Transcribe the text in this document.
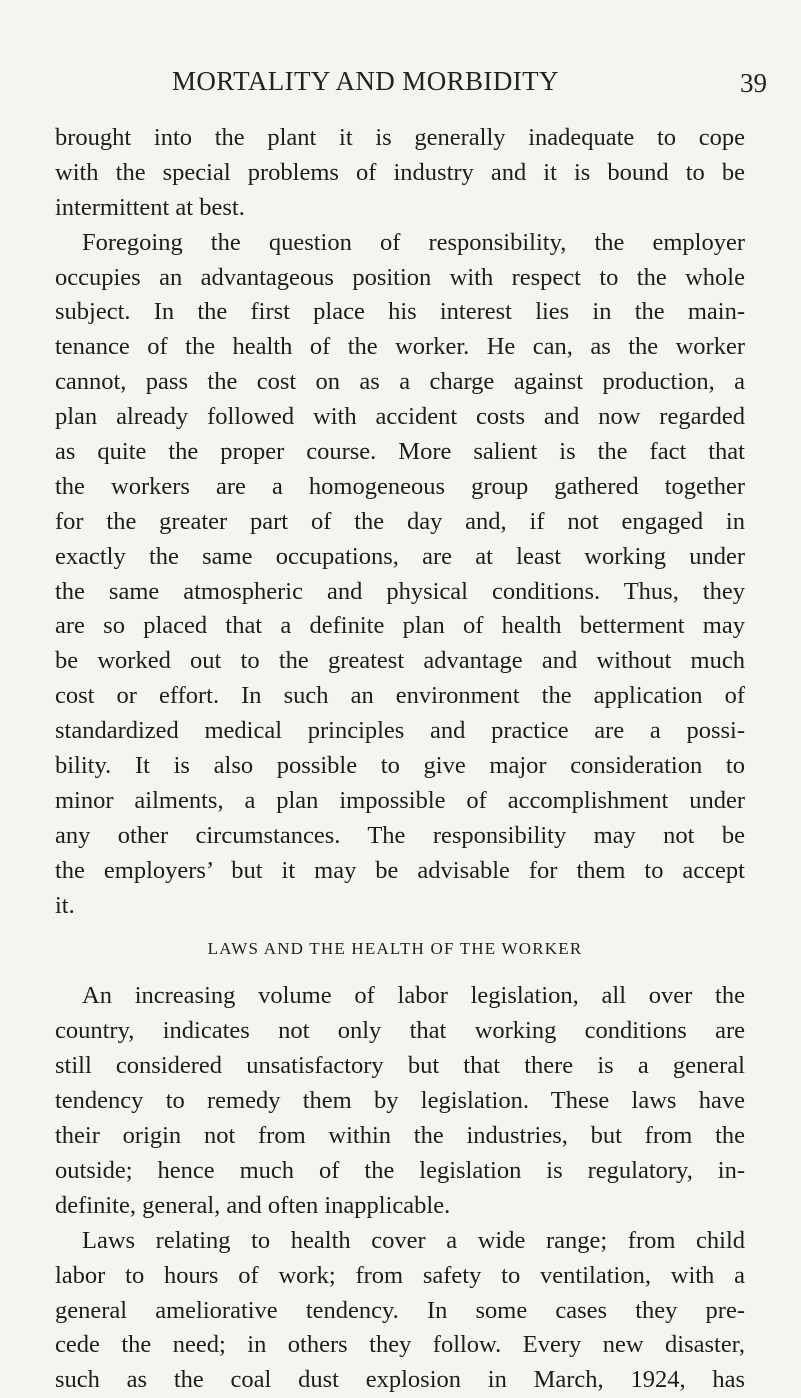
MORTALITY AND MORBIDITY	39
brought into the plant it is generally inadequate to cope
with the special problems of industry and it is bound to be
intermittent at best.
Foregoing the question of responsibility, the employer
occupies an advantageous position with respect to the whole
subject. In the first place his interest lies in the main-
tenance of the health of the worker. He can, as the worker
cannot, pass the cost on as a charge against production, a
plan already followed with accident costs and now regarded
as quite the proper course. More salient is the fact that
the workers are a homogeneous group gathered together
for the greater part of the day and, if not engaged in
exactly the same occupations, are at least working under
the same atmospheric and physical conditions. Thus, they
are so placed that a definite plan of health betterment may
be worked out to the greatest advantage and without much
cost or effort. In such an environment the application of
standardized medical principles and practice are a possi-
bility. It is also possible to give major consideration to
minor ailments, a plan impossible of accomplishment under
any other circumstances. The responsibility may not be
the employers’ but it may be advisable for them to accept
it.
LAWS AND THE HEALTH OF THE WORKER
An increasing volume of labor legislation, all over the
country, indicates not only that working conditions are
still considered unsatisfactory but that there is a general
tendency to remedy them by legislation. These laws have
their origin not from within the industries, but from the
outside; hence much of the legislation is regulatory, in-
definite, general, and often inapplicable.
Laws relating to health cover a wide range; from child
labor to hours of work; from safety to ventilation, with a
general ameliorative tendency. In some cases they pre-
cede the need; in others they follow. Every new disaster,
such as the coal dust explosion in March, 1924, has
